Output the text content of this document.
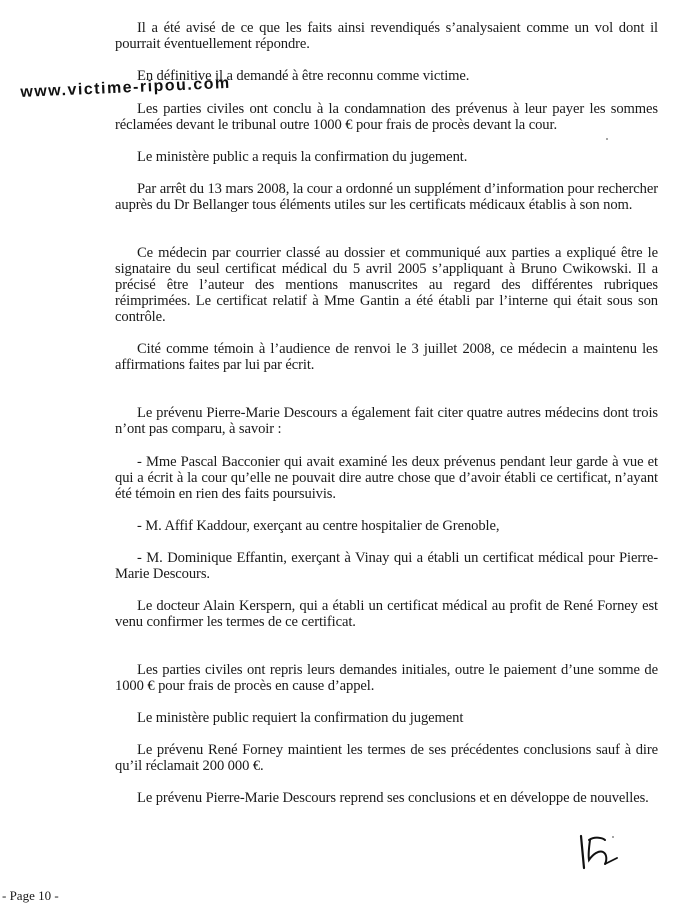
Il a été avisé de ce que les faits ainsi revendiqués s’analysaient comme un vol dont il pourrait éventuellement répondre.

En définitive il a demandé à être reconnu comme victime.

Les parties civiles ont conclu à la condamnation des prévenus à leur payer les sommes réclamées devant le tribunal outre 1000 € pour frais de procès devant la cour.

Le ministère public a requis la confirmation du jugement.

Par arrêt du 13 mars 2008, la cour a ordonné un supplément d’information pour rechercher auprès du Dr Bellanger tous éléments utiles sur les certificats médicaux établis à son nom.

Ce médecin par courrier classé au dossier et communiqué aux parties a expliqué être le signataire du seul certificat médical du 5 avril 2005 s’appliquant à Bruno Cwikowski. Il a précisé être l’auteur des mentions manuscrites au regard des différentes rubriques réimprimées. Le certificat relatif à Mme Gantin a été établi par l’interne qui était sous son contrôle.

Cité comme témoin à l’audience de renvoi le 3 juillet 2008, ce médecin a maintenu les affirmations faites par lui par écrit.

Le prévenu Pierre-Marie Descours a également fait citer quatre autres médecins dont trois n’ont pas comparu, à savoir :

- Mme Pascal Bacconier qui avait examiné les deux prévenus pendant leur garde à vue et qui a écrit à la cour qu’elle ne pouvait dire autre chose que d’avoir établi ce certificat, n’ayant été témoin en rien des faits poursuivis.

- M. Affif Kaddour, exerçant au centre hospitalier de Grenoble,

- M. Dominique Effantin, exerçant à Vinay qui a établi un certificat médical pour Pierre-Marie Descours.

Le docteur Alain Kerspern, qui a établi un certificat médical au profit de René Forney est venu confirmer les termes de ce certificat.

Les parties civiles ont repris leurs demandes initiales, outre le paiement d’une somme de 1000 € pour frais de procès en cause d’appel.

Le ministère public requiert la confirmation du jugement

Le prévenu René Forney maintient les termes de ses précédentes conclusions sauf à dire qu’il réclamait 200 000 €.

Le prévenu Pierre-Marie Descours reprend ses conclusions et en développe de nouvelles.

www.victime-ripou.com
- Page 10 -
